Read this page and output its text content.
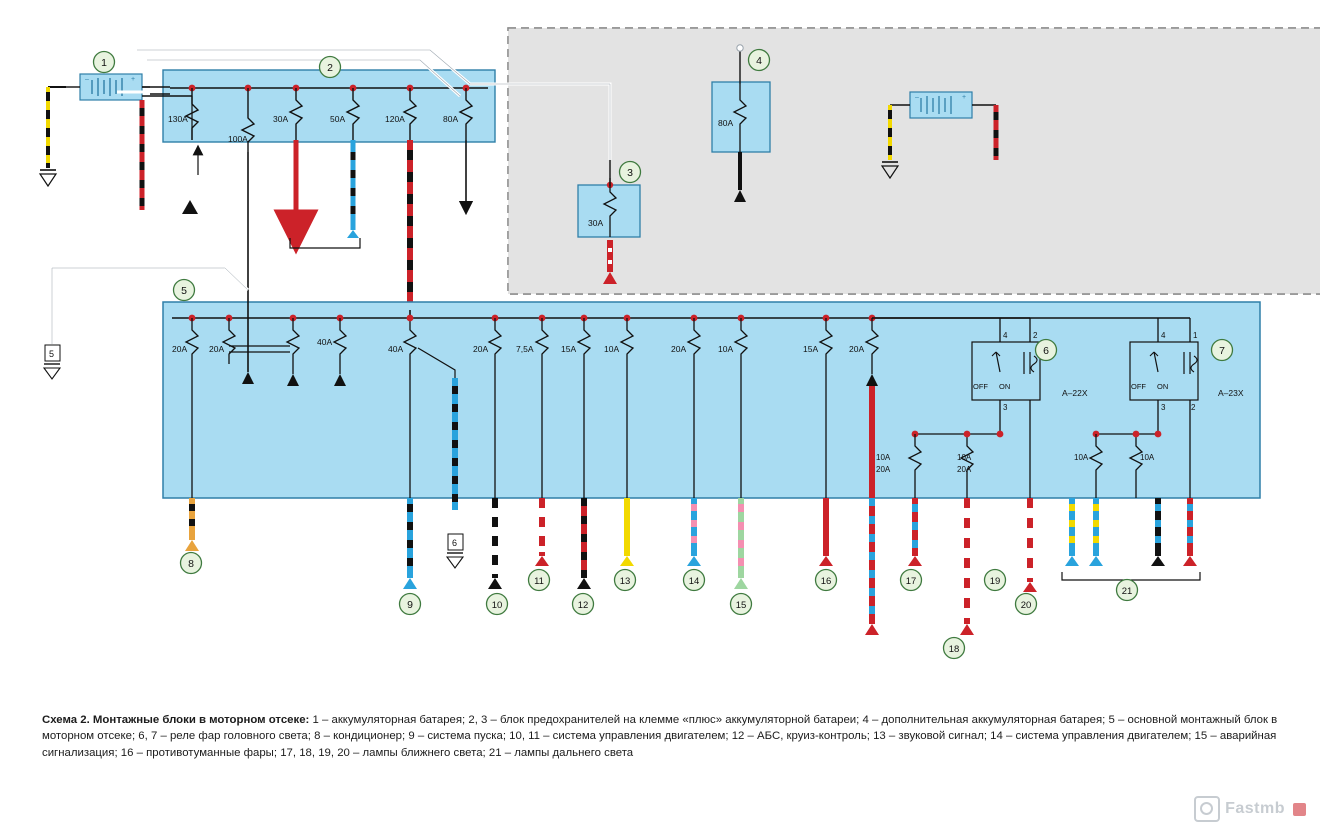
–	+
130A
100A
30A	50A	120A	80A
30A
80A
–	+
5	20A	20A
40A
40A	20A	7,5A	15A	10A	20A	10A	15A	20A
4	2
OFF ON
3
A–22X
10A
20A
10A
20A
4	1
OFF ON
3	2
A–23X
10A	10A
6
1	2
3
4
5
6	7
8
9	10
11
12
13	14
15
16	17
18
19
20
21
Схема 2. Монтажные блоки в моторном отсеке: 1 – аккумуляторная батарея; 2, 3 – блок предохранителей на клемме «плюс» аккумуляторной батареи; 4 – дополнительная аккумуляторная батарея; 5 – основной монтажный блок в моторном отсеке; 6, 7 – реле фар головного света; 8 – кондиционер; 9 – система пуска; 10, 11 – система управления двигателем; 12 – АБС, круиз-контроль; 13 – звуковой сигнал; 14 – система управления двигателем; 15 – аварийная сигнализация; 16 – противотуманные фары; 17, 18, 19, 20 – лампы ближнего света; 21 – лампы дальнего света
Fastmb
